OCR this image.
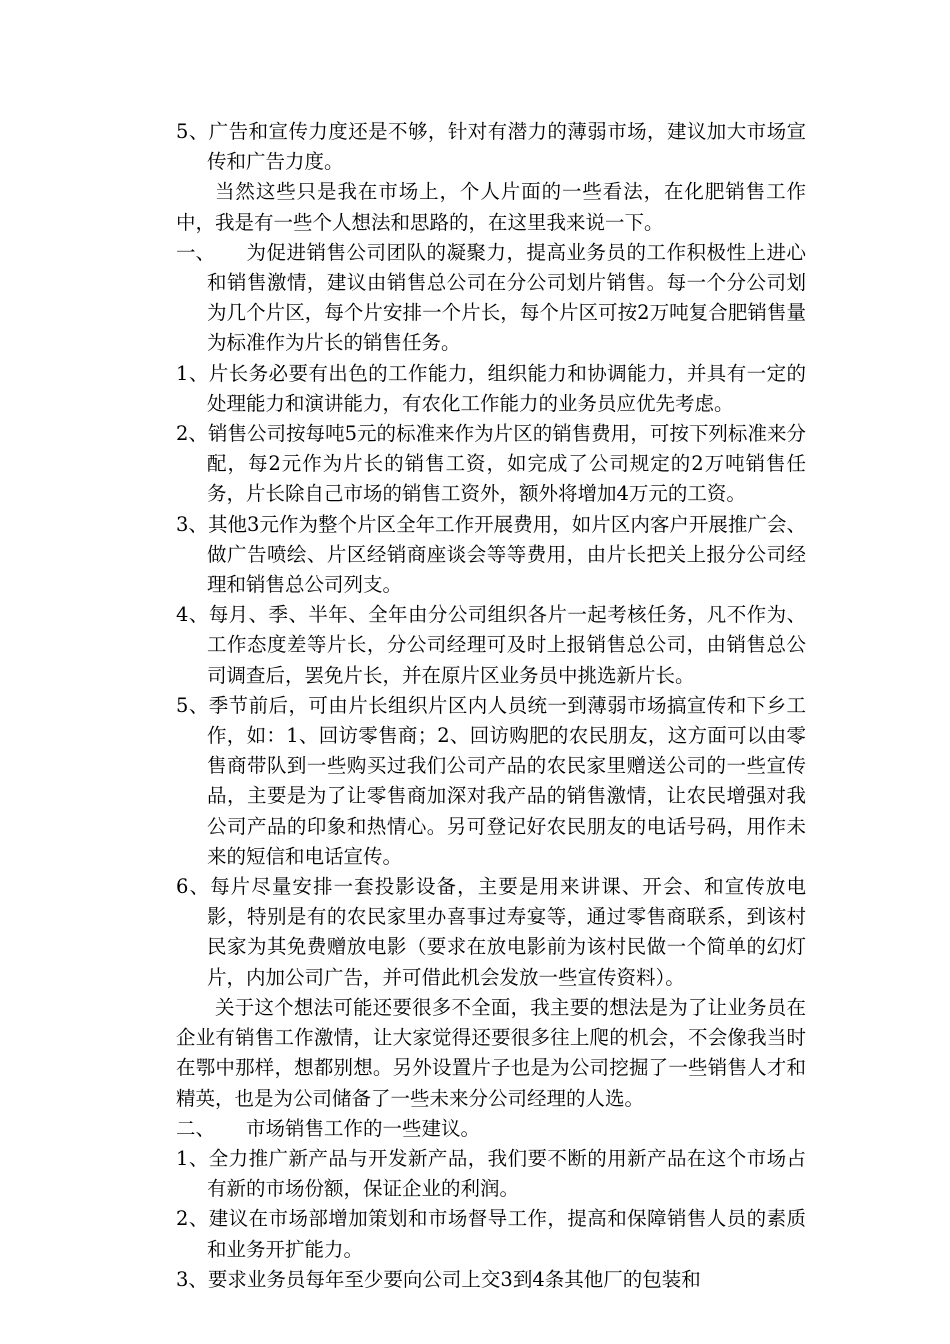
5、广告和宣传力度还是不够，针对有潜力的薄弱市场，建议加大市场宣传和广告力度。

当然这些只是我在市场上，个人片面的一些看法，在化肥销售工作中，我是有一些个人想法和思路的，在这里我来说一下。

一、 为促进销售公司团队的凝聚力，提高业务员的工作积极性上进心和销售激情，建议由销售总公司在分公司划片销售。每一个分公司划为几个片区，每个片安排一个片长，每个片区可按2万吨复合肥销售量为标准作为片长的销售任务。

1、片长务必要有出色的工作能力，组织能力和协调能力，并具有一定的处理能力和演讲能力，有农化工作能力的业务员应优先考虑。

2、销售公司按每吨5元的标准来作为片区的销售费用，可按下列标准来分配，每2元作为片长的销售工资，如完成了公司规定的2万吨销售任务，片长除自己市场的销售工资外，额外将增加4万元的工资。

3、其他3元作为整个片区全年工作开展费用，如片区内客户开展推广会、做广告喷绘、片区经销商座谈会等等费用，由片长把关上报分公司经理和销售总公司列支。

4、每月、季、半年、全年由分公司组织各片一起考核任务，凡不作为、工作态度差等片长，分公司经理可及时上报销售总公司，由销售总公司调查后，罢免片长，并在原片区业务员中挑选新片长。

5、季节前后，可由片长组织片区内人员统一到薄弱市场搞宣传和下乡工作，如：1、回访零售商；2、回访购肥的农民朋友，这方面可以由零售商带队到一些购买过我们公司产品的农民家里赠送公司的一些宣传品，主要是为了让零售商加深对我产品的销售激情，让农民增强对我公司产品的印象和热情心。另可登记好农民朋友的电话号码，用作未来的短信和电话宣传。

6、每片尽量安排一套投影设备，主要是用来讲课、开会、和宣传放电影，特别是有的农民家里办喜事过寿宴等，通过零售商联系，到该村民家为其免费赠放电影（要求在放电影前为该村民做一个简单的幻灯片，内加公司广告，并可借此机会发放一些宣传资料）。

关于这个想法可能还要很多不全面，我主要的想法是为了让业务员在企业有销售工作激情，让大家觉得还要很多往上爬的机会，不会像我当时在鄂中那样，想都别想。另外设置片子也是为公司挖掘了一些销售人才和精英，也是为公司储备了一些未来分公司经理的人选。

二、 市场销售工作的一些建议。

1、全力推广新产品与开发新产品，我们要不断的用新产品在这个市场占有新的市场份额，保证企业的利润。

2、建议在市场部增加策划和市场督导工作，提高和保障销售人员的素质和业务开扩能力。

3、要求业务员每年至少要向公司上交3到4条其他厂的包装和
